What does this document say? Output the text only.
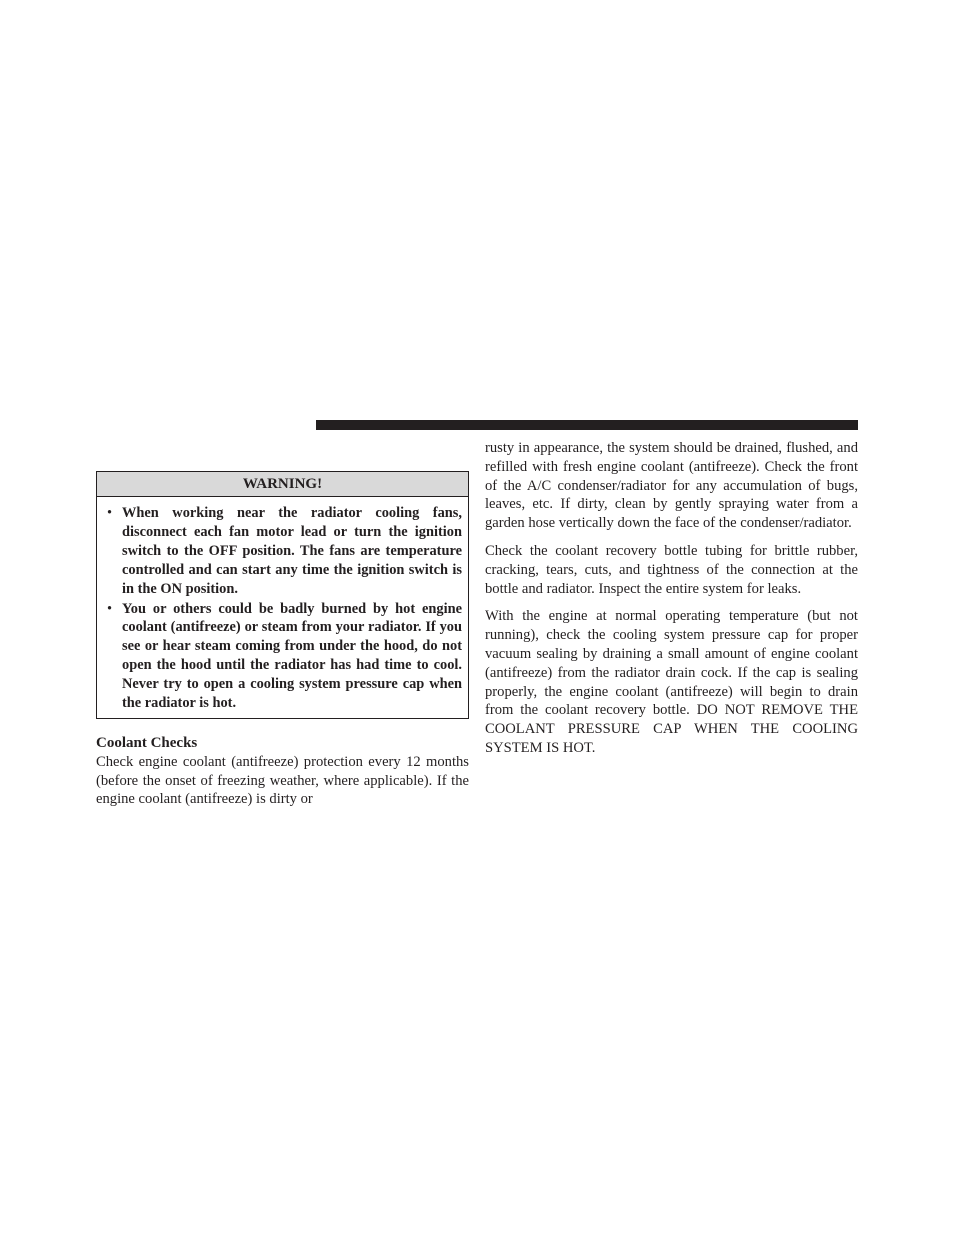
WARNING!
• When working near the radiator cooling fans, disconnect each fan motor lead or turn the ignition switch to the OFF position. The fans are temperature controlled and can start any time the ignition switch is in the ON position.
• You or others could be badly burned by hot engine coolant (antifreeze) or steam from your radiator. If you see or hear steam coming from under the hood, do not open the hood until the radiator has had time to cool. Never try to open a cooling system pressure cap when the radiator is hot.
Coolant Checks

Check engine coolant (antifreeze) protection every 12 months (before the onset of freezing weather, where applicable). If the engine coolant (antifreeze) is dirty or

rusty in appearance, the system should be drained, flushed, and refilled with fresh engine coolant (antifreeze). Check the front of the A/C condenser/radiator for any accumulation of bugs, leaves, etc. If dirty, clean by gently spraying water from a garden hose vertically down the face of the condenser/radiator.

Check the coolant recovery bottle tubing for brittle rubber, cracking, tears, cuts, and tightness of the connection at the bottle and radiator. Inspect the entire system for leaks.

With the engine at normal operating temperature (but not running), check the cooling system pressure cap for proper vacuum sealing by draining a small amount of engine coolant (antifreeze) from the radiator drain cock. If the cap is sealing properly, the engine coolant (antifreeze) will begin to drain from the coolant recovery bottle. DO NOT REMOVE THE COOLANT PRESSURE CAP WHEN THE COOLING SYSTEM IS HOT.
